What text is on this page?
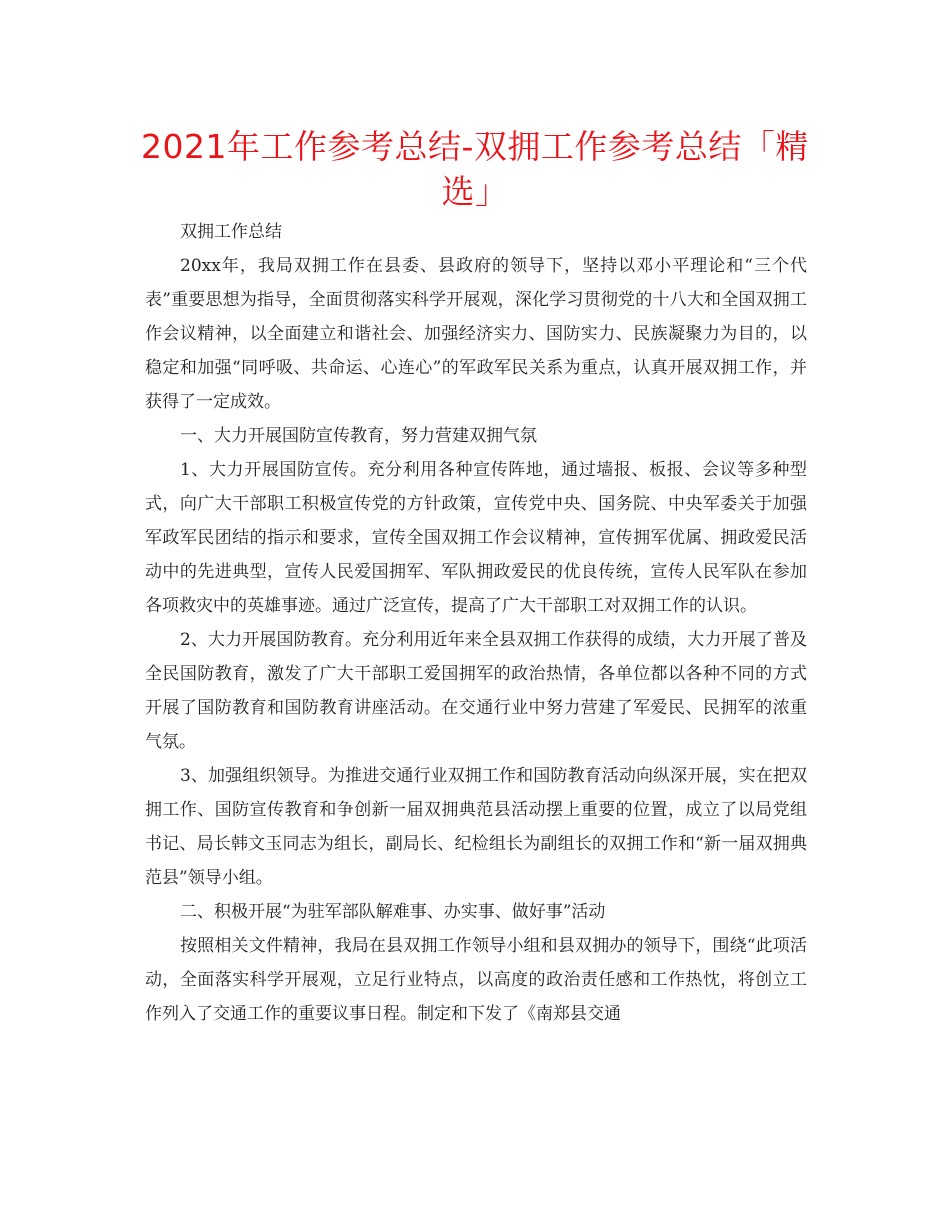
2021年工作参考总结-双拥工作参考总结「精选」

双拥工作总结

20xx年，我局双拥工作在县委、县政府的领导下，坚持以邓小平理论和“三个代表”重要思想为指导，全面贯彻落实科学开展观，深化学习贯彻党的十八大和全国双拥工作会议精神，以全面建立和谐社会、加强经济实力、国防实力、民族凝聚力为目的，以稳定和加强“同呼吸、共命运、心连心”的军政军民关系为重点，认真开展双拥工作，并获得了一定成效。

一、大力开展国防宣传教育，努力营建双拥气氛

1、大力开展国防宣传。充分利用各种宣传阵地，通过墙报、板报、会议等多种型式，向广大干部职工积极宣传党的方针政策，宣传党中央、国务院、中央军委关于加强军政军民团结的指示和要求，宣传全国双拥工作会议精神，宣传拥军优属、拥政爱民活动中的先进典型，宣传人民爱国拥军、军队拥政爱民的优良传统，宣传人民军队在参加各项救灾中的英雄事迹。通过广泛宣传，提高了广大干部职工对双拥工作的认识。

2、大力开展国防教育。充分利用近年来全县双拥工作获得的成绩，大力开展了普及全民国防教育，激发了广大干部职工爱国拥军的政治热情，各单位都以各种不同的方式开展了国防教育和国防教育讲座活动。在交通行业中努力营建了军爱民、民拥军的浓重气氛。

3、加强组织领导。为推进交通行业双拥工作和国防教育活动向纵深开展，实在把双拥工作、国防宣传教育和争创新一届双拥典范县活动摆上重要的位置，成立了以局党组书记、局长韩文玉同志为组长，副局长、纪检组长为副组长的双拥工作和“新一届双拥典范县”领导小组。

二、积极开展“为驻军部队解难事、办实事、做好事”活动

按照相关文件精神，我局在县双拥工作领导小组和县双拥办的领导下，围绕“此项活动，全面落实科学开展观，立足行业特点，以高度的政治责任感和工作热忱，将创立工作列入了交通工作的重要议事日程。制定和下发了《南郑县交通
